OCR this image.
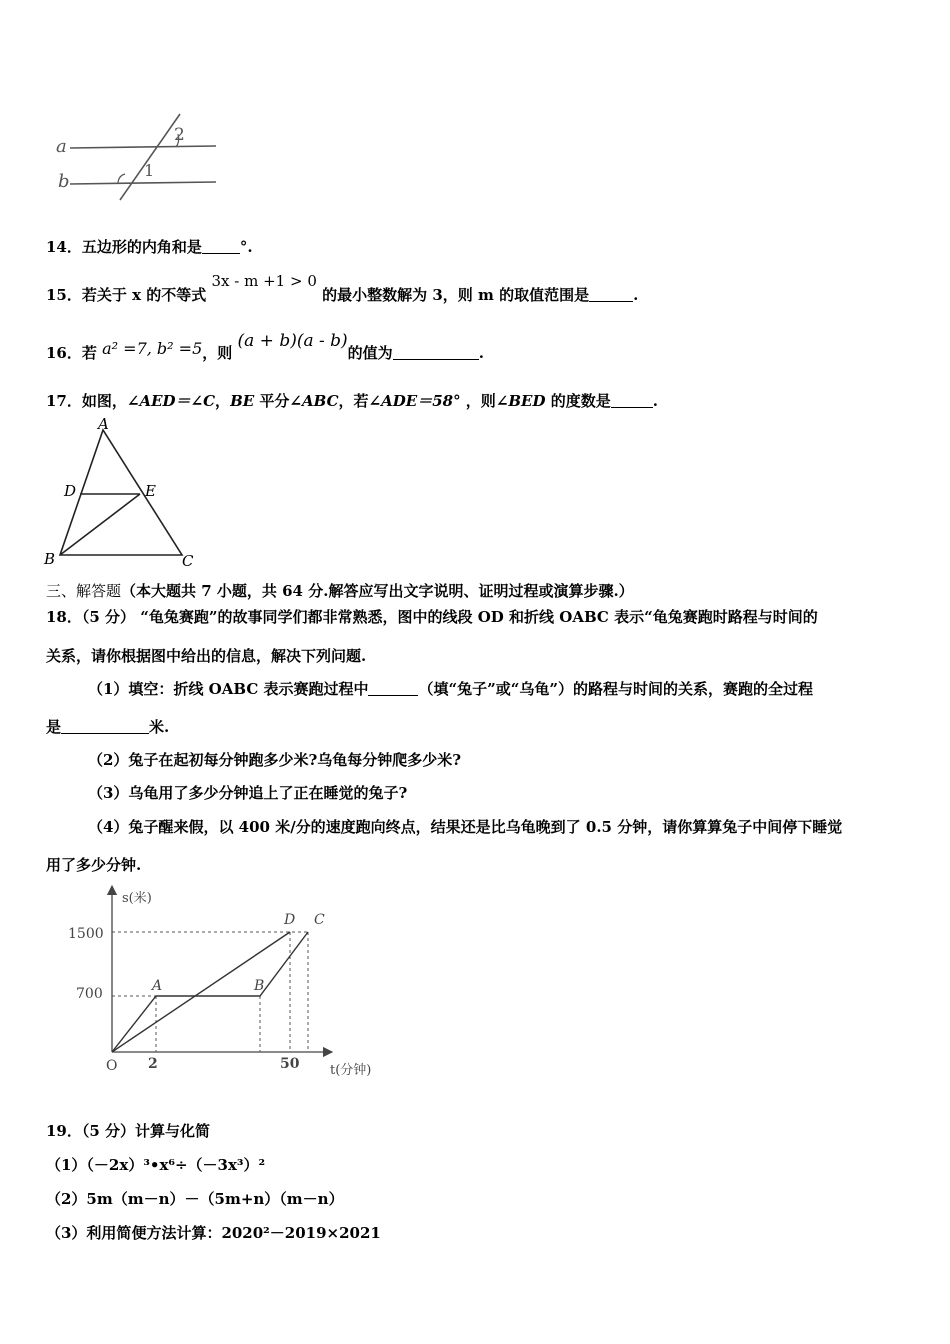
a
b
2
1
14．五边形的内角和是	°.
15．若关于 x 的不等式 3x - m +1 > 0 的最小整数解为 3，则 m 的取值范围是	.
16．若 a² =7, b² =5，则 (a + b)(a - b)的值为	.
17．如图，∠AED＝∠C，BE 平分∠ABC，若∠ADE＝58° ，则∠BED 的度数是	.
A
D	E
B	C
三、解答题（本大题共 7 小题，共 64 分.解答应写出文字说明、证明过程或演算步骤.）
18．（5 分） “龟兔赛跑”的故事同学们都非常熟悉，图中的线段 OD 和折线 OABC 表示“龟兔赛跑时路程与时间的
关系，请你根据图中给出的信息，解决下列问题.
（1）填空：折线 OABC 表示赛跑过程中	（填“兔子”或“乌龟”）的路程与时间的关系，赛跑的全过程
是	米.
（2）兔子在起初每分钟跑多少米?乌龟每分钟爬多少米?
（3）乌龟用了多少分钟追上了正在睡觉的兔子?
（4）兔子醒来假，以 400 米/分的速度跑向终点，结果还是比乌龟晚到了 0.5 分钟，请你算算兔子中间停下睡觉
用了多少分钟.
s(米)
t(分钟)
O
1500
700
2	50
A	B
D C
19．（5 分）计算与化简
（1）（－2x）³•x⁶÷（－3x³）²
（2）5m（m－n）－（5m+n）（m－n）
（3）利用简便方法计算：2020²－2019×2021
